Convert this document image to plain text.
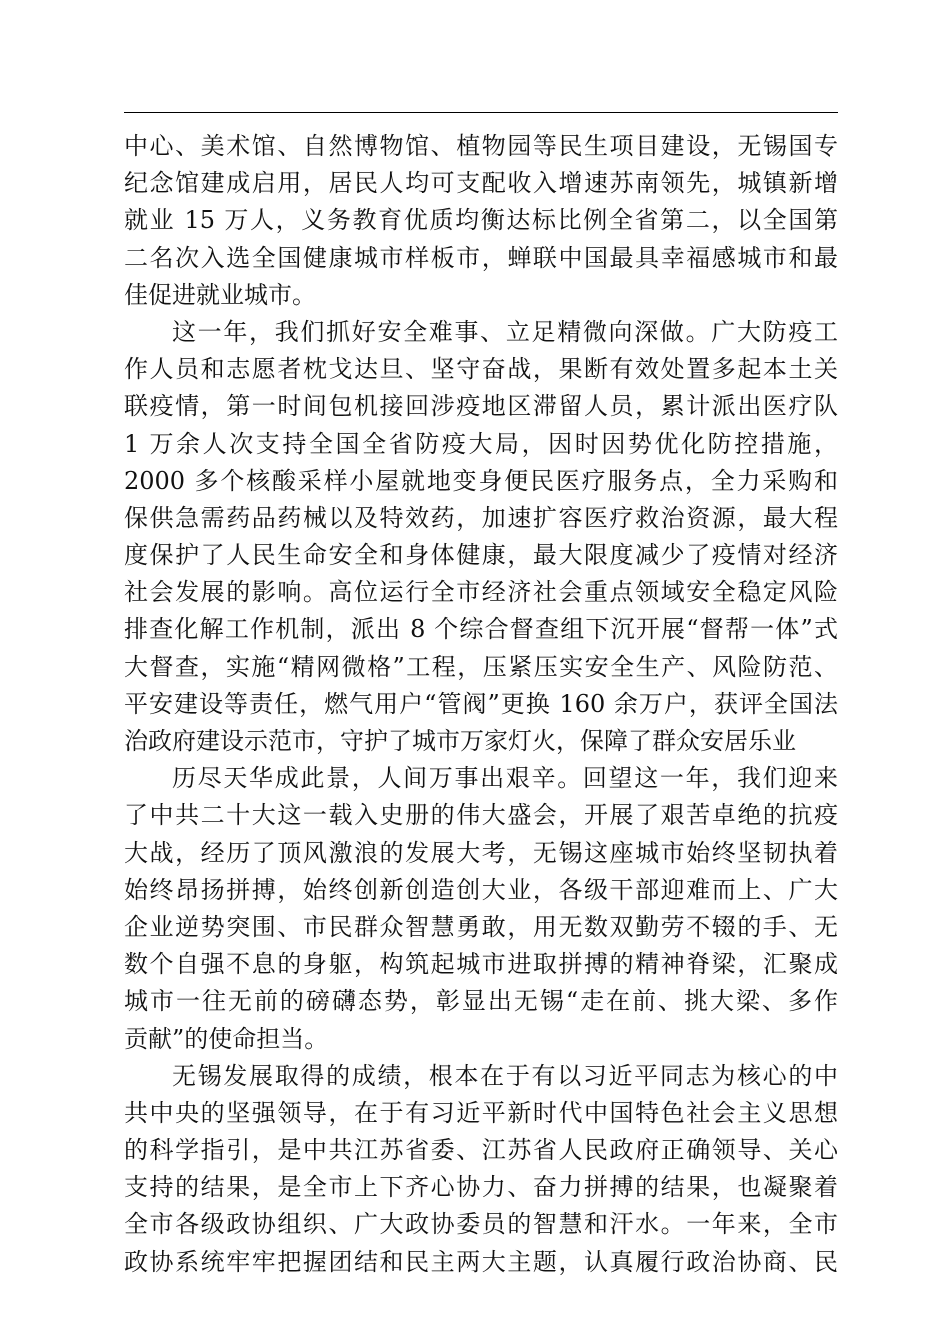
中心、美术馆、自然博物馆、植物园等民生项目建设，无锡国专
纪念馆建成启用，居民人均可支配收入增速苏南领先，城镇新增
就业 15 万人，义务教育优质均衡达标比例全省第二，以全国第
二名次入选全国健康城市样板市，蝉联中国最具幸福感城市和最
佳促进就业城市。
这一年，我们抓好安全难事、立足精微向深做。广大防疫工
作人员和志愿者枕戈达旦、坚守奋战，果断有效处置多起本土关
联疫情，第一时间包机接回涉疫地区滞留人员，累计派出医疗队
1 万余人次支持全国全省防疫大局，因时因势优化防控措施，
2000 多个核酸采样小屋就地变身便民医疗服务点，全力采购和
保供急需药品药械以及特效药，加速扩容医疗救治资源，最大程
度保护了人民生命安全和身体健康，最大限度减少了疫情对经济
社会发展的影响。高位运行全市经济社会重点领域安全稳定风险
排查化解工作机制，派出 8 个综合督查组下沉开展“督帮一体”式
大督查，实施“精网微格”工程，压紧压实安全生产、风险防范、
平安建设等责任，燃气用户“管阀”更换 160 余万户，获评全国法
治政府建设示范市，守护了城市万家灯火，保障了群众安居乐业
历尽天华成此景，人间万事出艰辛。回望这一年，我们迎来
了中共二十大这一载入史册的伟大盛会，开展了艰苦卓绝的抗疫
大战，经历了顶风激浪的发展大考，无锡这座城市始终坚韧执着
始终昂扬拼搏，始终创新创造创大业，各级干部迎难而上、广大
企业逆势突围、市民群众智慧勇敢，用无数双勤劳不辍的手、无
数个自强不息的身躯，构筑起城市进取拼搏的精神脊梁，汇聚成
城市一往无前的磅礴态势，彰显出无锡“走在前、挑大梁、多作
贡献”的使命担当。
无锡发展取得的成绩，根本在于有以习近平同志为核心的中
共中央的坚强领导，在于有习近平新时代中国特色社会主义思想
的科学指引，是中共江苏省委、江苏省人民政府正确领导、关心
支持的结果，是全市上下齐心协力、奋力拼搏的结果，也凝聚着
全市各级政协组织、广大政协委员的智慧和汗水。一年来，全市
政协系统牢牢把握团结和民主两大主题，认真履行政治协商、民
